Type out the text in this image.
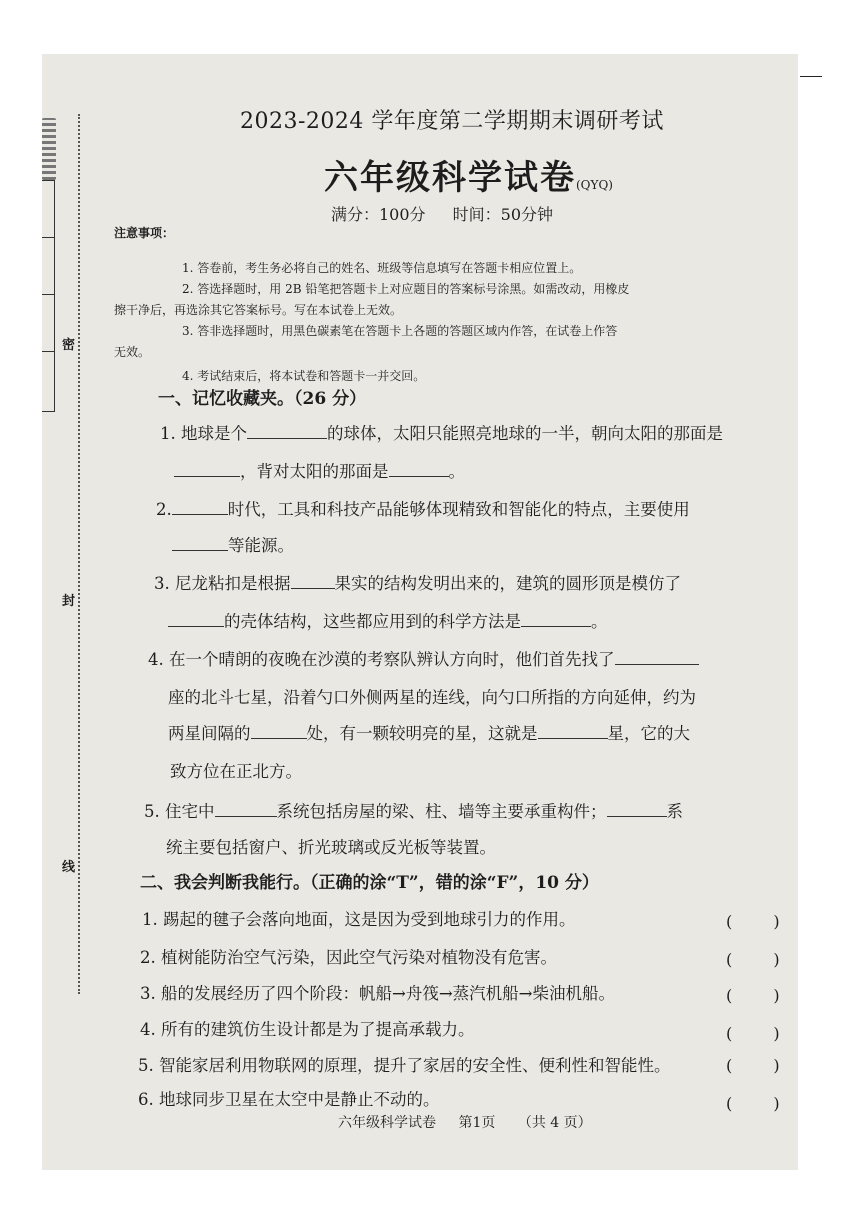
密
封
线
2023-2024 学年度第二学期期末调研考试
六年级科学试卷(QYQ)
满分：100分 时间：50分钟
注意事项：
1. 答卷前，考生务必将自己的姓名、班级等信息填写在答题卡相应位置上。
2. 答选择题时，用 2B 铅笔把答题卡上对应题目的答案标号涂黑。如需改动，用橡皮
擦干净后，再选涂其它答案标号。写在本试卷上无效。
3. 答非选择题时，用黑色碳素笔在答题卡上各题的答题区域内作答，在试卷上作答
无效。
4. 考试结束后，将本试卷和答题卡一并交回。
一、记忆收藏夹。（26 分）
1. 地球是个	的球体，太阳只能照亮地球的一半，朝向太阳的那面是
，背对太阳的那面是	。
2.	时代，工具和科技产品能够体现精致和智能化的特点，主要使用
等能源。
3. 尼龙粘扣是根据	果实的结构发明出来的，建筑的圆形顶是模仿了
的壳体结构，这些都应用到的科学方法是	。
4. 在一个晴朗的夜晚在沙漠的考察队辨认方向时，他们首先找了
座的北斗七星，沿着勺口外侧两星的连线，向勺口所指的方向延伸，约为
两星间隔的	处，有一颗较明亮的星，这就是	星，它的大
致方位在正北方。
5. 住宅中	系统包括房屋的梁、柱、墙等主要承重构件；	系
统主要包括窗户、折光玻璃或反光板等装置。
二、我会判断我能行。（正确的涂“T”，错的涂“F”，10 分）
1. 踢起的毽子会落向地面，这是因为受到地球引力的作用。	( )
2. 植树能防治空气污染，因此空气污染对植物没有危害。	( )
3. 船的发展经历了四个阶段：帆船→舟筏→蒸汽机船→柴油机船。	( )
4. 所有的建筑仿生设计都是为了提高承载力。	( )
5. 智能家居利用物联网的原理，提升了家居的安全性、便利性和智能性。	( )
6. 地球同步卫星在太空中是静止不动的。	( )
六年级科学试卷 第1页 （共 4 页）
